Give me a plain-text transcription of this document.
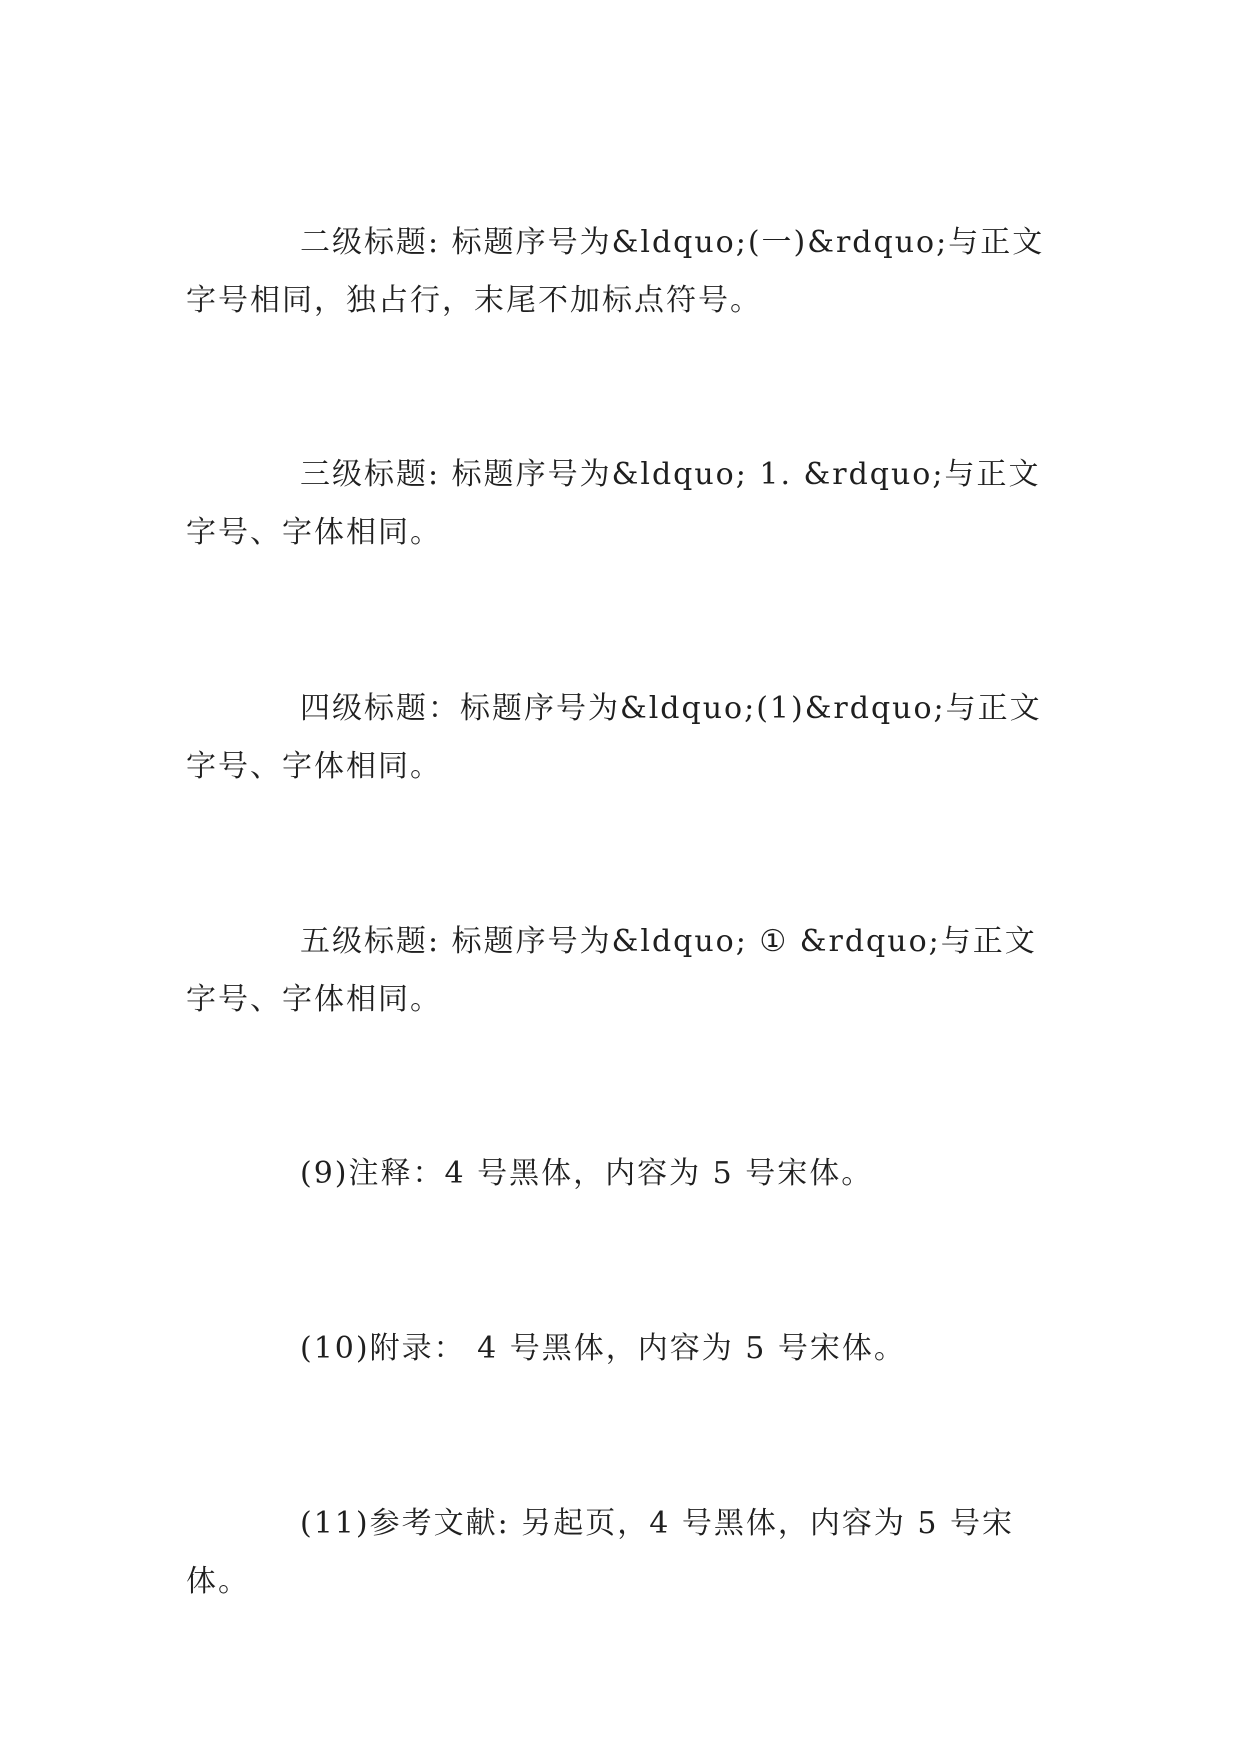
二级标题: 标题序号为&ldquo;(一)&rdquo;与正文字号相同，独占行，末尾不加标点符号。

三级标题: 标题序号为&ldquo; 1. &rdquo;与正文字号、字体相同。

四级标题：标题序号为&ldquo;(1)&rdquo;与正文字号、字体相同。

五级标题: 标题序号为&ldquo; ① &rdquo;与正文字号、字体相同。

(9)注释：4 号黑体，内容为 5 号宋体。

(10)附录： 4 号黑体，内容为 5 号宋体。

(11)参考文献: 另起页，4 号黑体，内容为 5 号宋体。
